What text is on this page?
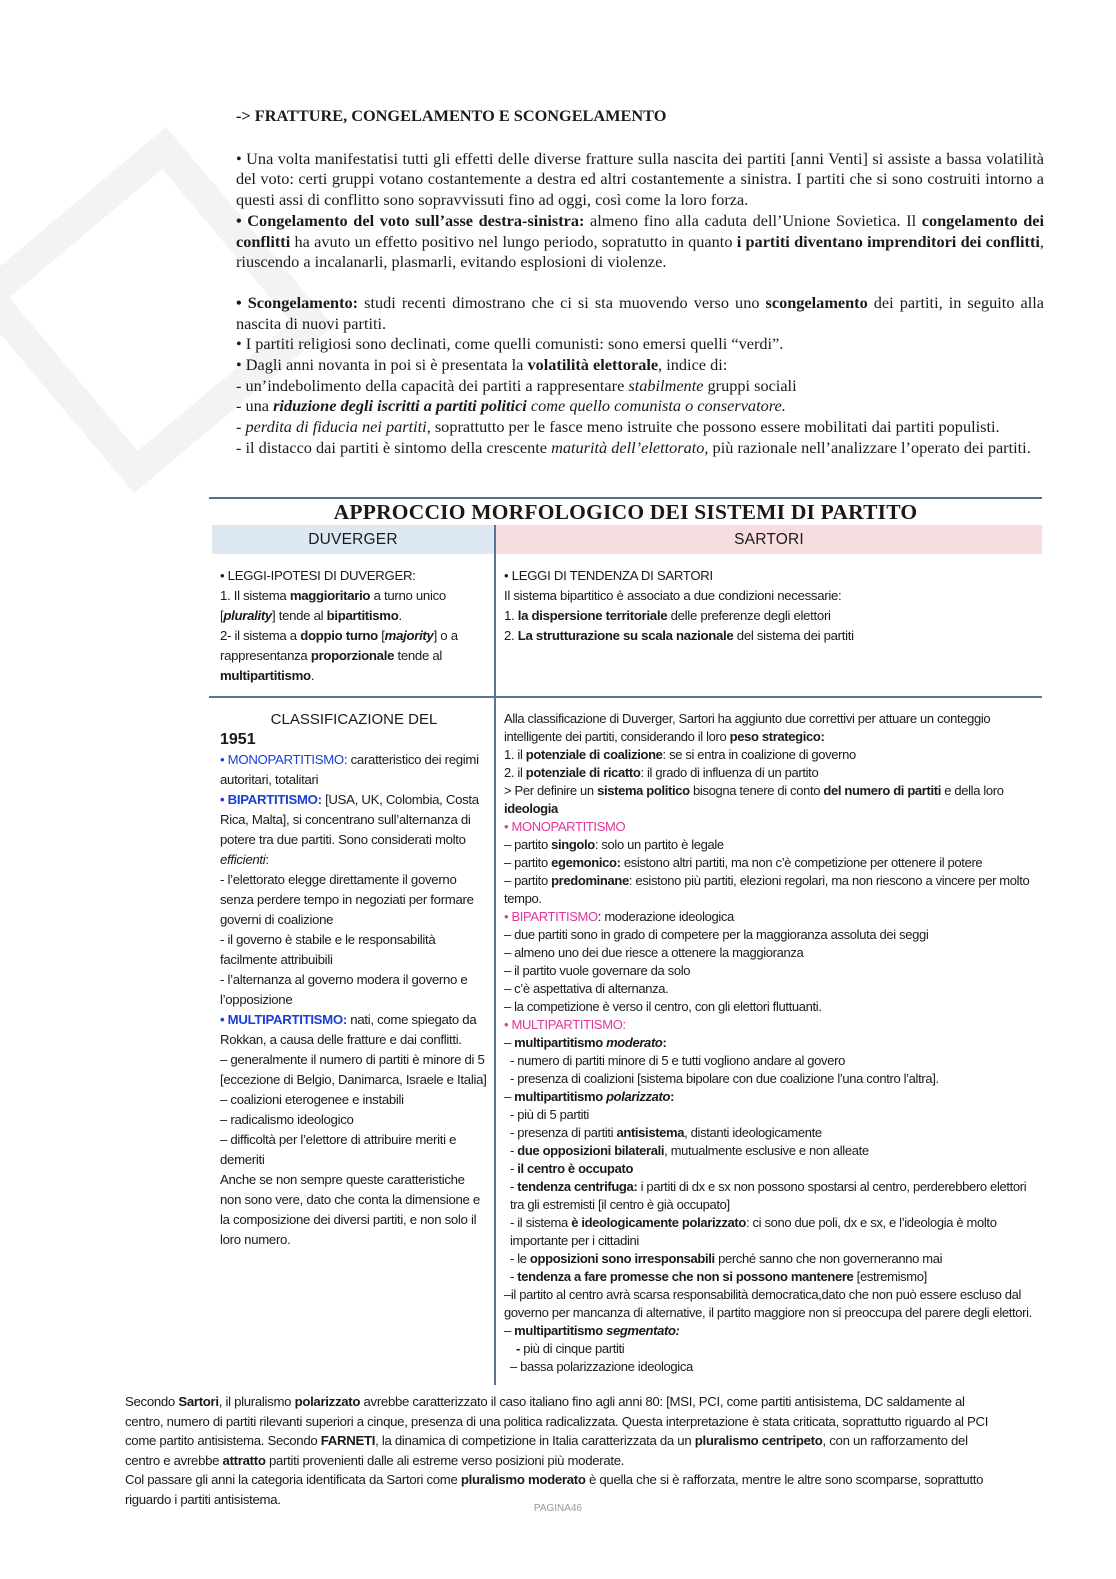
-> FRATTURE, CONGELAMENTO E SCONGELAMENTO

• Una volta manifestatisi tutti gli effetti delle diverse fratture sulla nascita dei partiti [anni Venti] si assiste a bassa volatilità del voto: certi gruppi votano costantemente a destra ed altri costantemente a sinistra. I partiti che si sono costruiti intorno a questi assi di conflitto sono sopravvissuti fino ad oggi, così come la loro forza.

• Congelamento del voto sull’asse destra-sinistra: almeno fino alla caduta dell’Unione Sovietica. Il congelamento dei conflitti ha avuto un effetto positivo nel lungo periodo, sopratutto in quanto i partiti diventano imprenditori dei conflitti, riuscendo a incalanarli, plasmarli, evitando esplosioni di violenze.

• Scongelamento: studi recenti dimostrano che ci si sta muovendo verso uno scongelamento dei partiti, in seguito alla nascita di nuovi partiti.

• I partiti religiosi sono declinati, come quelli comunisti: sono emersi quelli “verdi”.

• Dagli anni novanta in poi si è presentata la volatilità elettorale, indice di:

- un’indebolimento della capacità dei partiti a rappresentare stabilmente gruppi sociali

- una riduzione degli iscritti a partiti politici come quello comunista o conservatore.

- perdita di fiducia nei partiti, soprattutto per le fasce meno istruite che possono essere mobilitati dai partiti populisti.

- il distacco dai partiti è sintomo della crescente maturità dell’elettorato, più razionale nell’analizzare l’operato dei partiti.

APPROCCIO MORFOLOGICO DEI SISTEMI DI PARTITO
DUVERGER	SARTORI
• LEGGI-IPOTESI DI DUVERGER:
1. Il sistema maggioritario a turno unico [plurality] tende al bipartitismo.
2- il sistema a doppio turno [majority] o a rappresentanza proporzionale tende al multipartitismo.
• LEGGI DI TENDENZA DI SARTORI
Il sistema bipartitico è associato a due condizioni necessarie:
1. la dispersione territoriale delle preferenze degli elettori
2. La strutturazione su scala nazionale del sistema dei partiti
CLASSIFICAZIONE DEL
1951
• MONOPARTITISMO: caratteristico dei regimi autoritari, totalitari
• BIPARTITISMO: [USA, UK, Colombia, Costa Rica, Malta], si concentrano sull’alternanza di potere tra due partiti. Sono considerati molto efficienti:
- l’elettorato elegge direttamente il governo senza perdere tempo in negoziati per formare governi di coalizione
- il governo è stabile e le responsabilità facilmente attribuibili
- l’alternanza al governo modera il governo e l’opposizione
• MULTIPARTITISMO: nati, come spiegato da Rokkan, a causa delle fratture e dai conflitti.
– generalmente il numero di partiti è minore di 5 [eccezione di Belgio, Danimarca, Israele e Italia]
– coalizioni eterogenee e instabili
– radicalismo ideologico
– difficoltà per l’elettore di attribuire meriti e demeriti
Anche se non sempre queste caratteristiche non sono vere, dato che conta la dimensione e la composizione dei diversi partiti, e non solo il loro numero.
Alla classificazione di Duverger, Sartori ha aggiunto due correttivi per attuare un conteggio intelligente dei partiti, considerando il loro peso strategico:
1. il potenziale di coalizione: se si entra in coalizione di governo
2. il potenziale di ricatto: il grado di influenza di un partito
> Per definire un sistema politico bisogna tenere di conto del numero di partiti e della loro ideologia
• MONOPARTITISMO
– partito singolo: solo un partito è legale
– partito egemonico: esistono altri partiti, ma non c’è competizione per ottenere il potere
– partito predominane: esistono più partiti, elezioni regolari, ma non riescono a vincere per molto tempo.
• BIPARTITISMO: moderazione ideologica
– due partiti sono in grado di competere per la maggioranza assoluta dei seggi
– almeno uno dei due riesce a ottenere la maggioranza
– il partito vuole governare da solo
– c’è aspettativa di alternanza.
– la competizione è verso il centro, con gli elettori fluttuanti.
• MULTIPARTITISMO:
– multipartitismo moderato:
- numero di partiti minore di 5 e tutti vogliono andare al govero
- presenza di coalizioni [sistema bipolare con due coalizione l’una contro l’altra].
– multipartitismo polarizzato:
- più di 5 partiti
- presenza di partiti antisistema, distanti ideologicamente
- due opposizioni bilaterali, mutualmente esclusive e non alleate
- il centro è occupato
- tendenza centrifuga: i partiti di dx e sx non possono spostarsi al centro, perderebbero elettori tra gli estremisti [il centro è già occupato]
- il sistema è ideologicamente polarizzato: ci sono due poli, dx e sx, e l’ideologia è molto importante per i cittadini
- le opposizioni sono irresponsabili perché sanno che non governeranno mai
- tendenza a fare promesse che non si possono mantenere [estremismo]
–il partito al centro avrà scarsa responsabilità democratica,dato che non può essere escluso dal governo per mancanza di alternative, il partito maggiore non si preoccupa del parere degli elettori.
– multipartitismo segmentato:
- più di cinque partiti
– bassa polarizzazione ideologica

Secondo Sartori, il pluralismo polarizzato avrebbe caratterizzato il caso italiano fino agli anni 80: [MSI, PCI, come partiti antisistema, DC saldamente al centro, numero di partiti rilevanti superiori a cinque, presenza di una politica radicalizzata. Questa interpretazione è stata criticata, soprattutto riguardo al PCI come partito antisistema. Secondo FARNETI, la dinamica di competizione in Italia caratterizzata da un pluralismo centripeto, con un rafforzamento del centro e avrebbe attratto partiti provenienti dalle ali estreme verso posizioni più moderate.

Col passare gli anni la categoria identificata da Sartori come pluralismo moderato è quella che si è rafforzata, mentre le altre sono scomparse, soprattutto riguardo i partiti antisistema.

PAGINA46
